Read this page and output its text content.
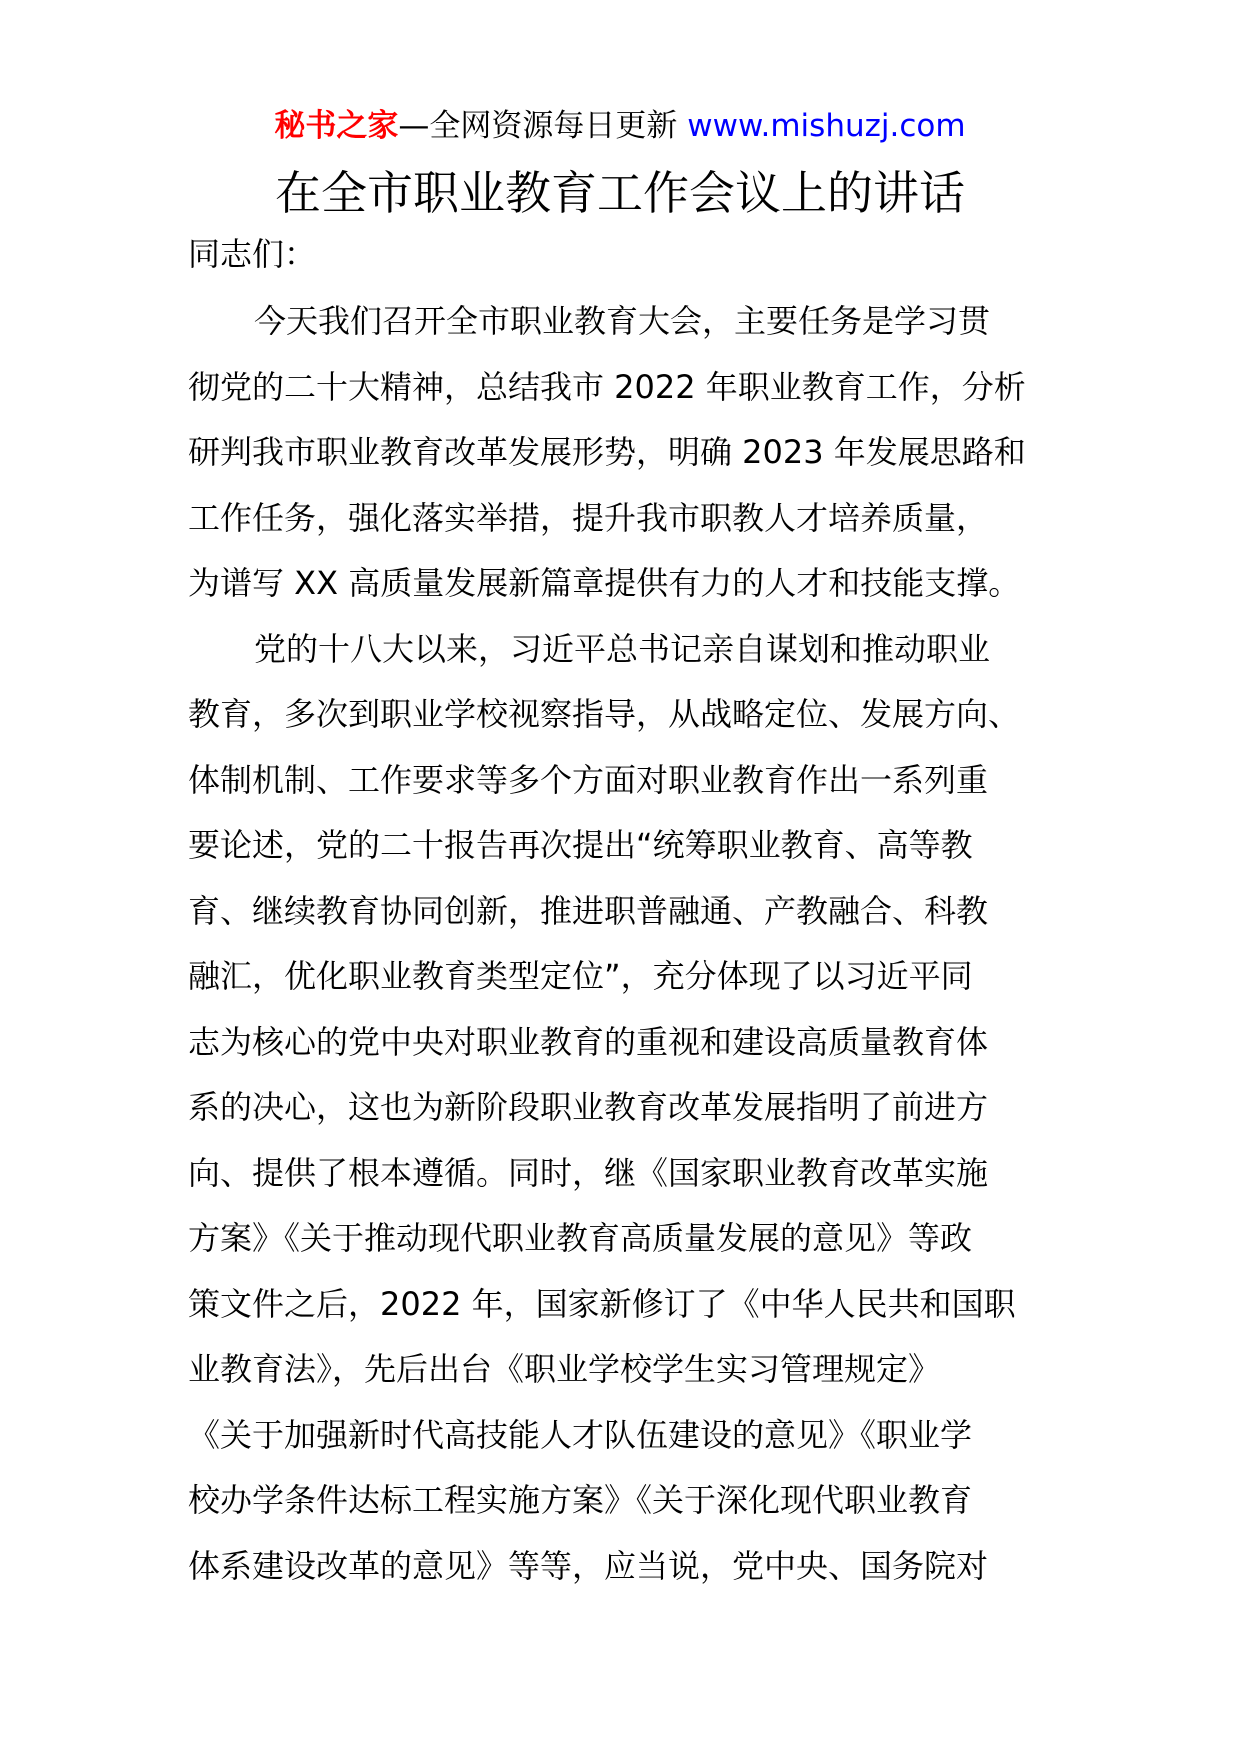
秘书之家—全网资源每日更新 www.mishuzj.com
在全市职业教育工作会议上的讲话
同志们：
今天我们召开全市职业教育大会，主要任务是学习贯
彻党的二十大精神，总结我市 2022 年职业教育工作，分析
研判我市职业教育改革发展形势，明确 2023 年发展思路和
工作任务，强化落实举措，提升我市职教人才培养质量，
为谱写 XX 高质量发展新篇章提供有力的人才和技能支撑。
党的十八大以来，习近平总书记亲自谋划和推动职业
教育，多次到职业学校视察指导，从战略定位、发展方向、
体制机制、工作要求等多个方面对职业教育作出一系列重
要论述，党的二十报告再次提出“统筹职业教育、高等教
育、继续教育协同创新，推进职普融通、产教融合、科教
融汇，优化职业教育类型定位”，充分体现了以习近平同
志为核心的党中央对职业教育的重视和建设高质量教育体
系的决心，这也为新阶段职业教育改革发展指明了前进方
向、提供了根本遵循。同时，继《国家职业教育改革实施
方案》《关于推动现代职业教育高质量发展的意见》等政
策文件之后，2022 年，国家新修订了《中华人民共和国职
业教育法》，先后出台《职业学校学生实习管理规定》
《关于加强新时代高技能人才队伍建设的意见》《职业学
校办学条件达标工程实施方案》《关于深化现代职业教育
体系建设改革的意见》等等，应当说，党中央、国务院对
